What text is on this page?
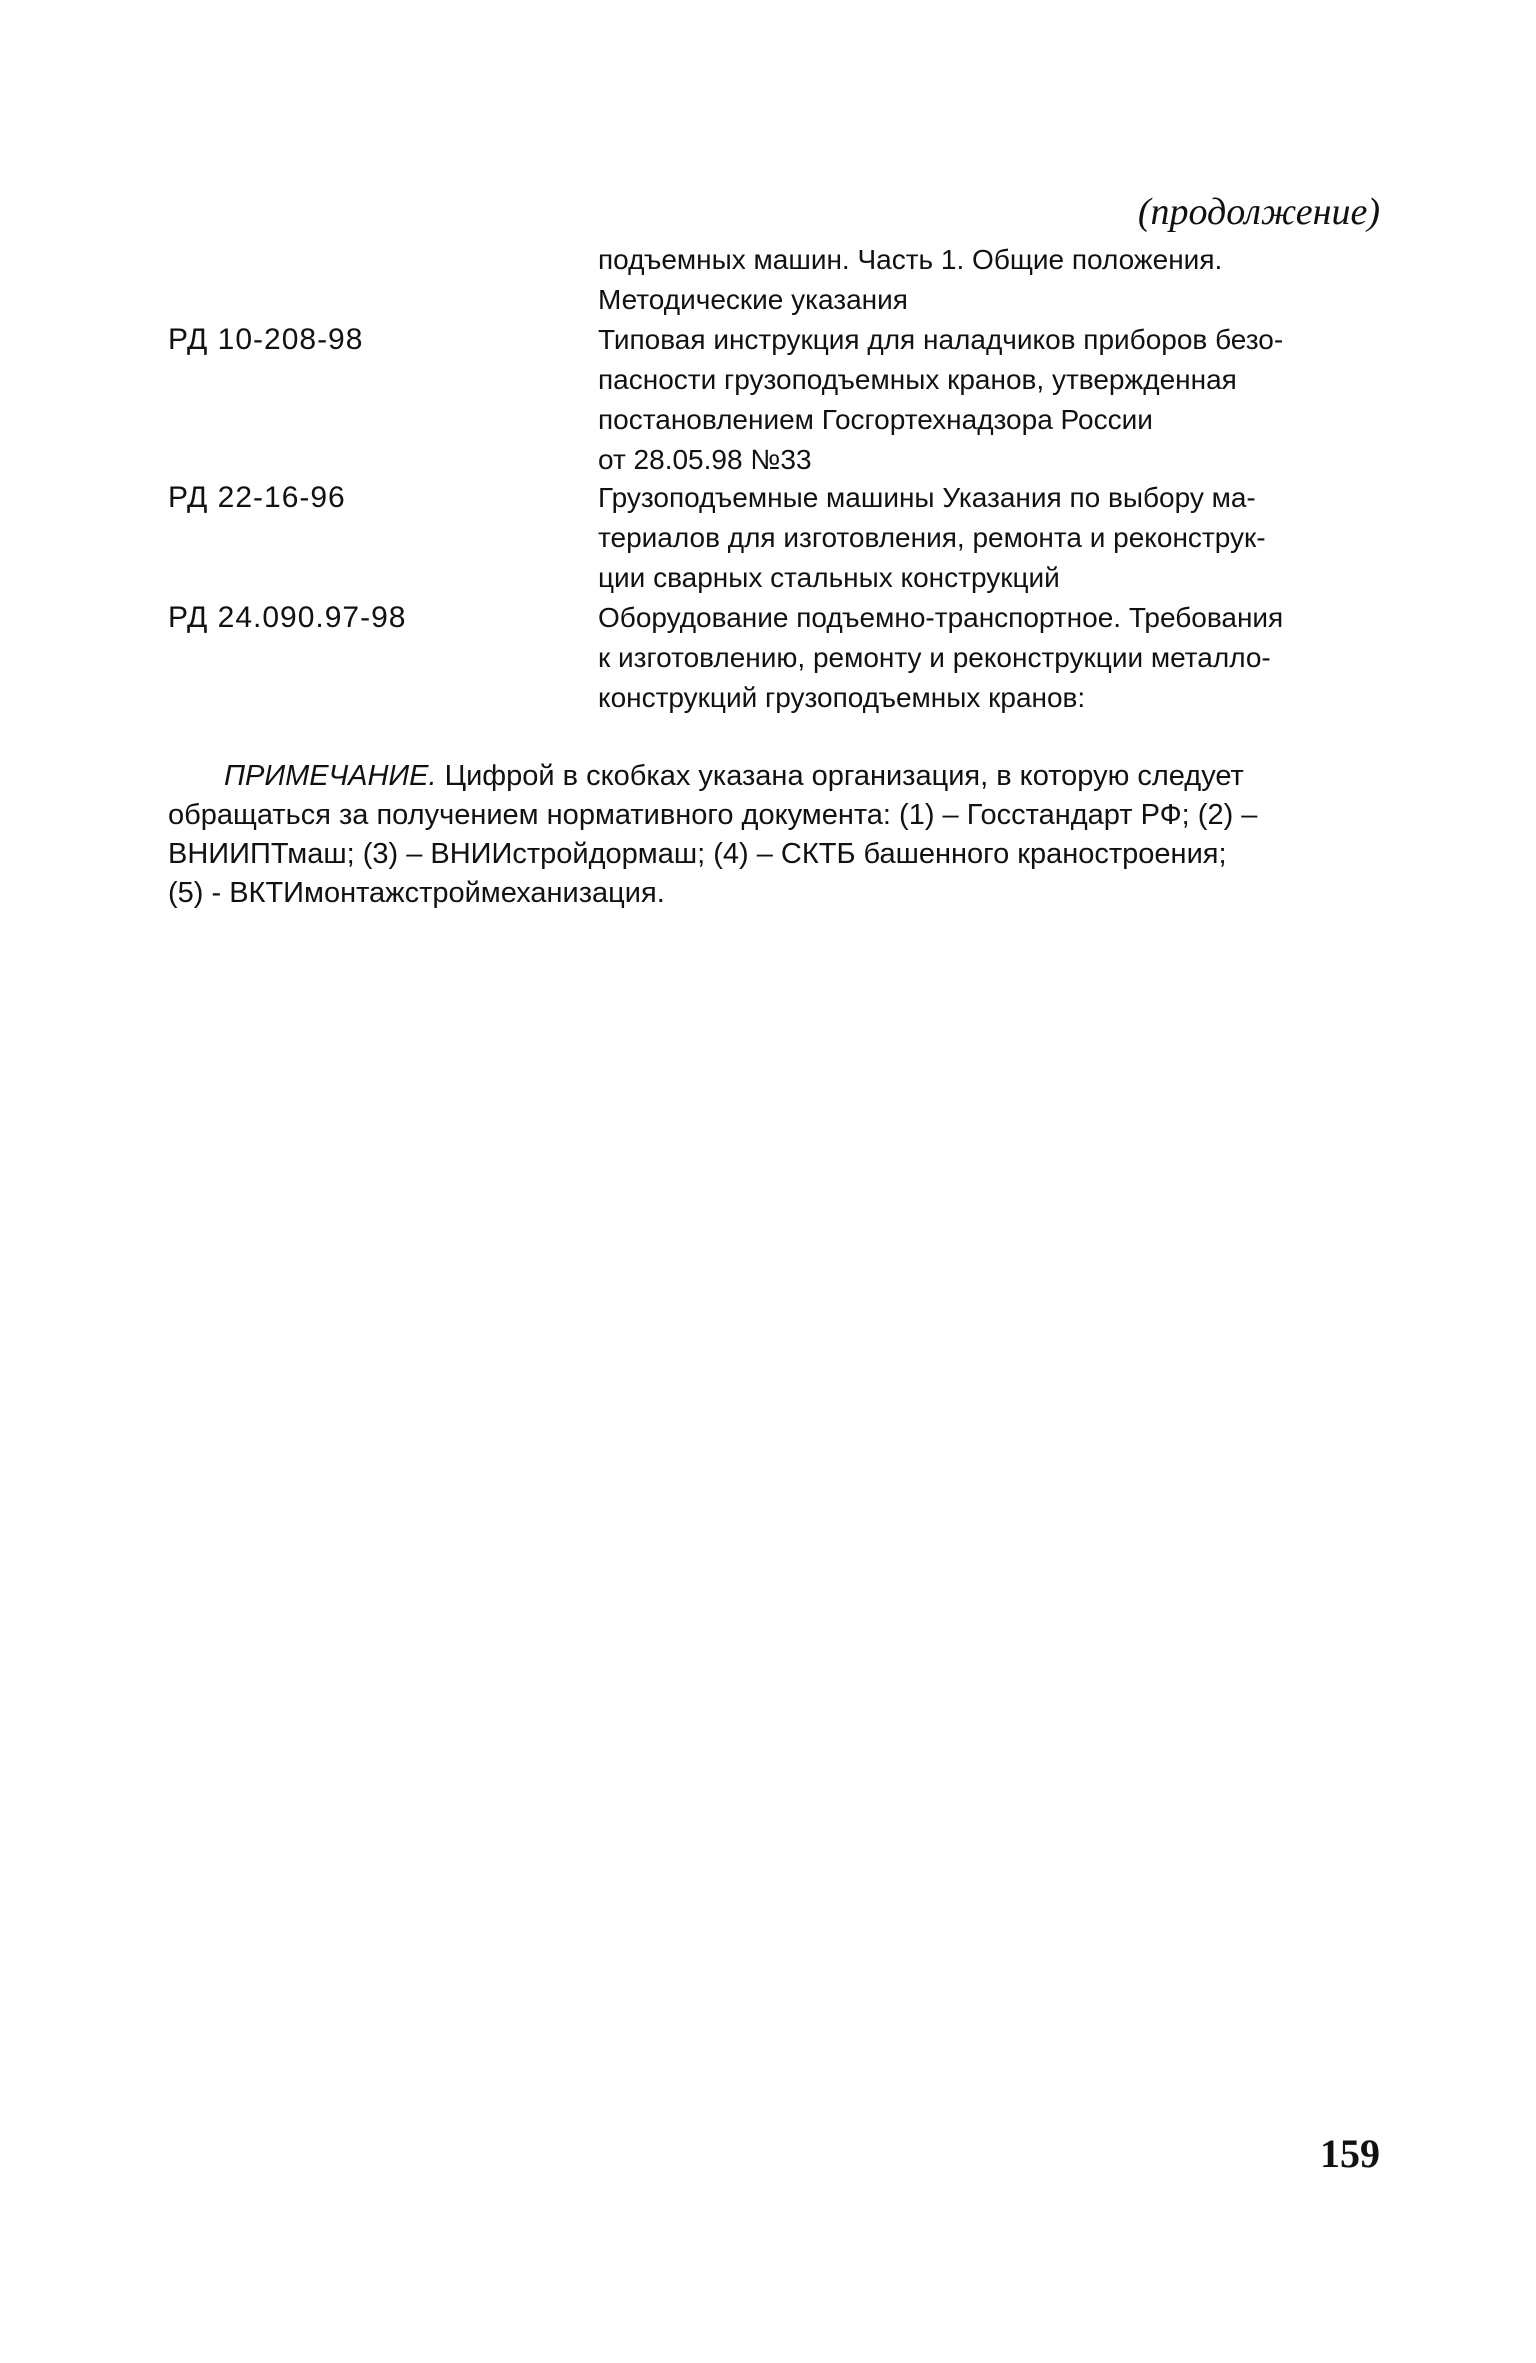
(продолжение)
подъемных машин. Часть 1. Общие положения.
Методические указания
РД 10-208-98	Типовая инструкция для наладчиков приборов безо-
пасности грузоподъемных кранов, утвержденная
постановлением Госгортехнадзора России
от 28.05.98 №33
РД 22-16-96	Грузоподъемные машины Указания по выбору ма-
териалов для изготовления, ремонта и реконструк-
ции сварных стальных конструкций
РД 24.090.97-98	Оборудование подъемно-транспортное. Требования
к изготовлению, ремонту и реконструкции металло-
конструкций грузоподъемных кранов:
ПРИМЕЧАНИЕ. Цифрой в скобках указана организация, в которую следует
обращаться за получением нормативного документа: (1) – Госстандарт РФ; (2) –
ВНИИПТмаш; (3) – ВНИИстройдормаш; (4) – СКТБ башенного краностроения;
(5) - ВКТИмонтажстроймеханизация.
159
